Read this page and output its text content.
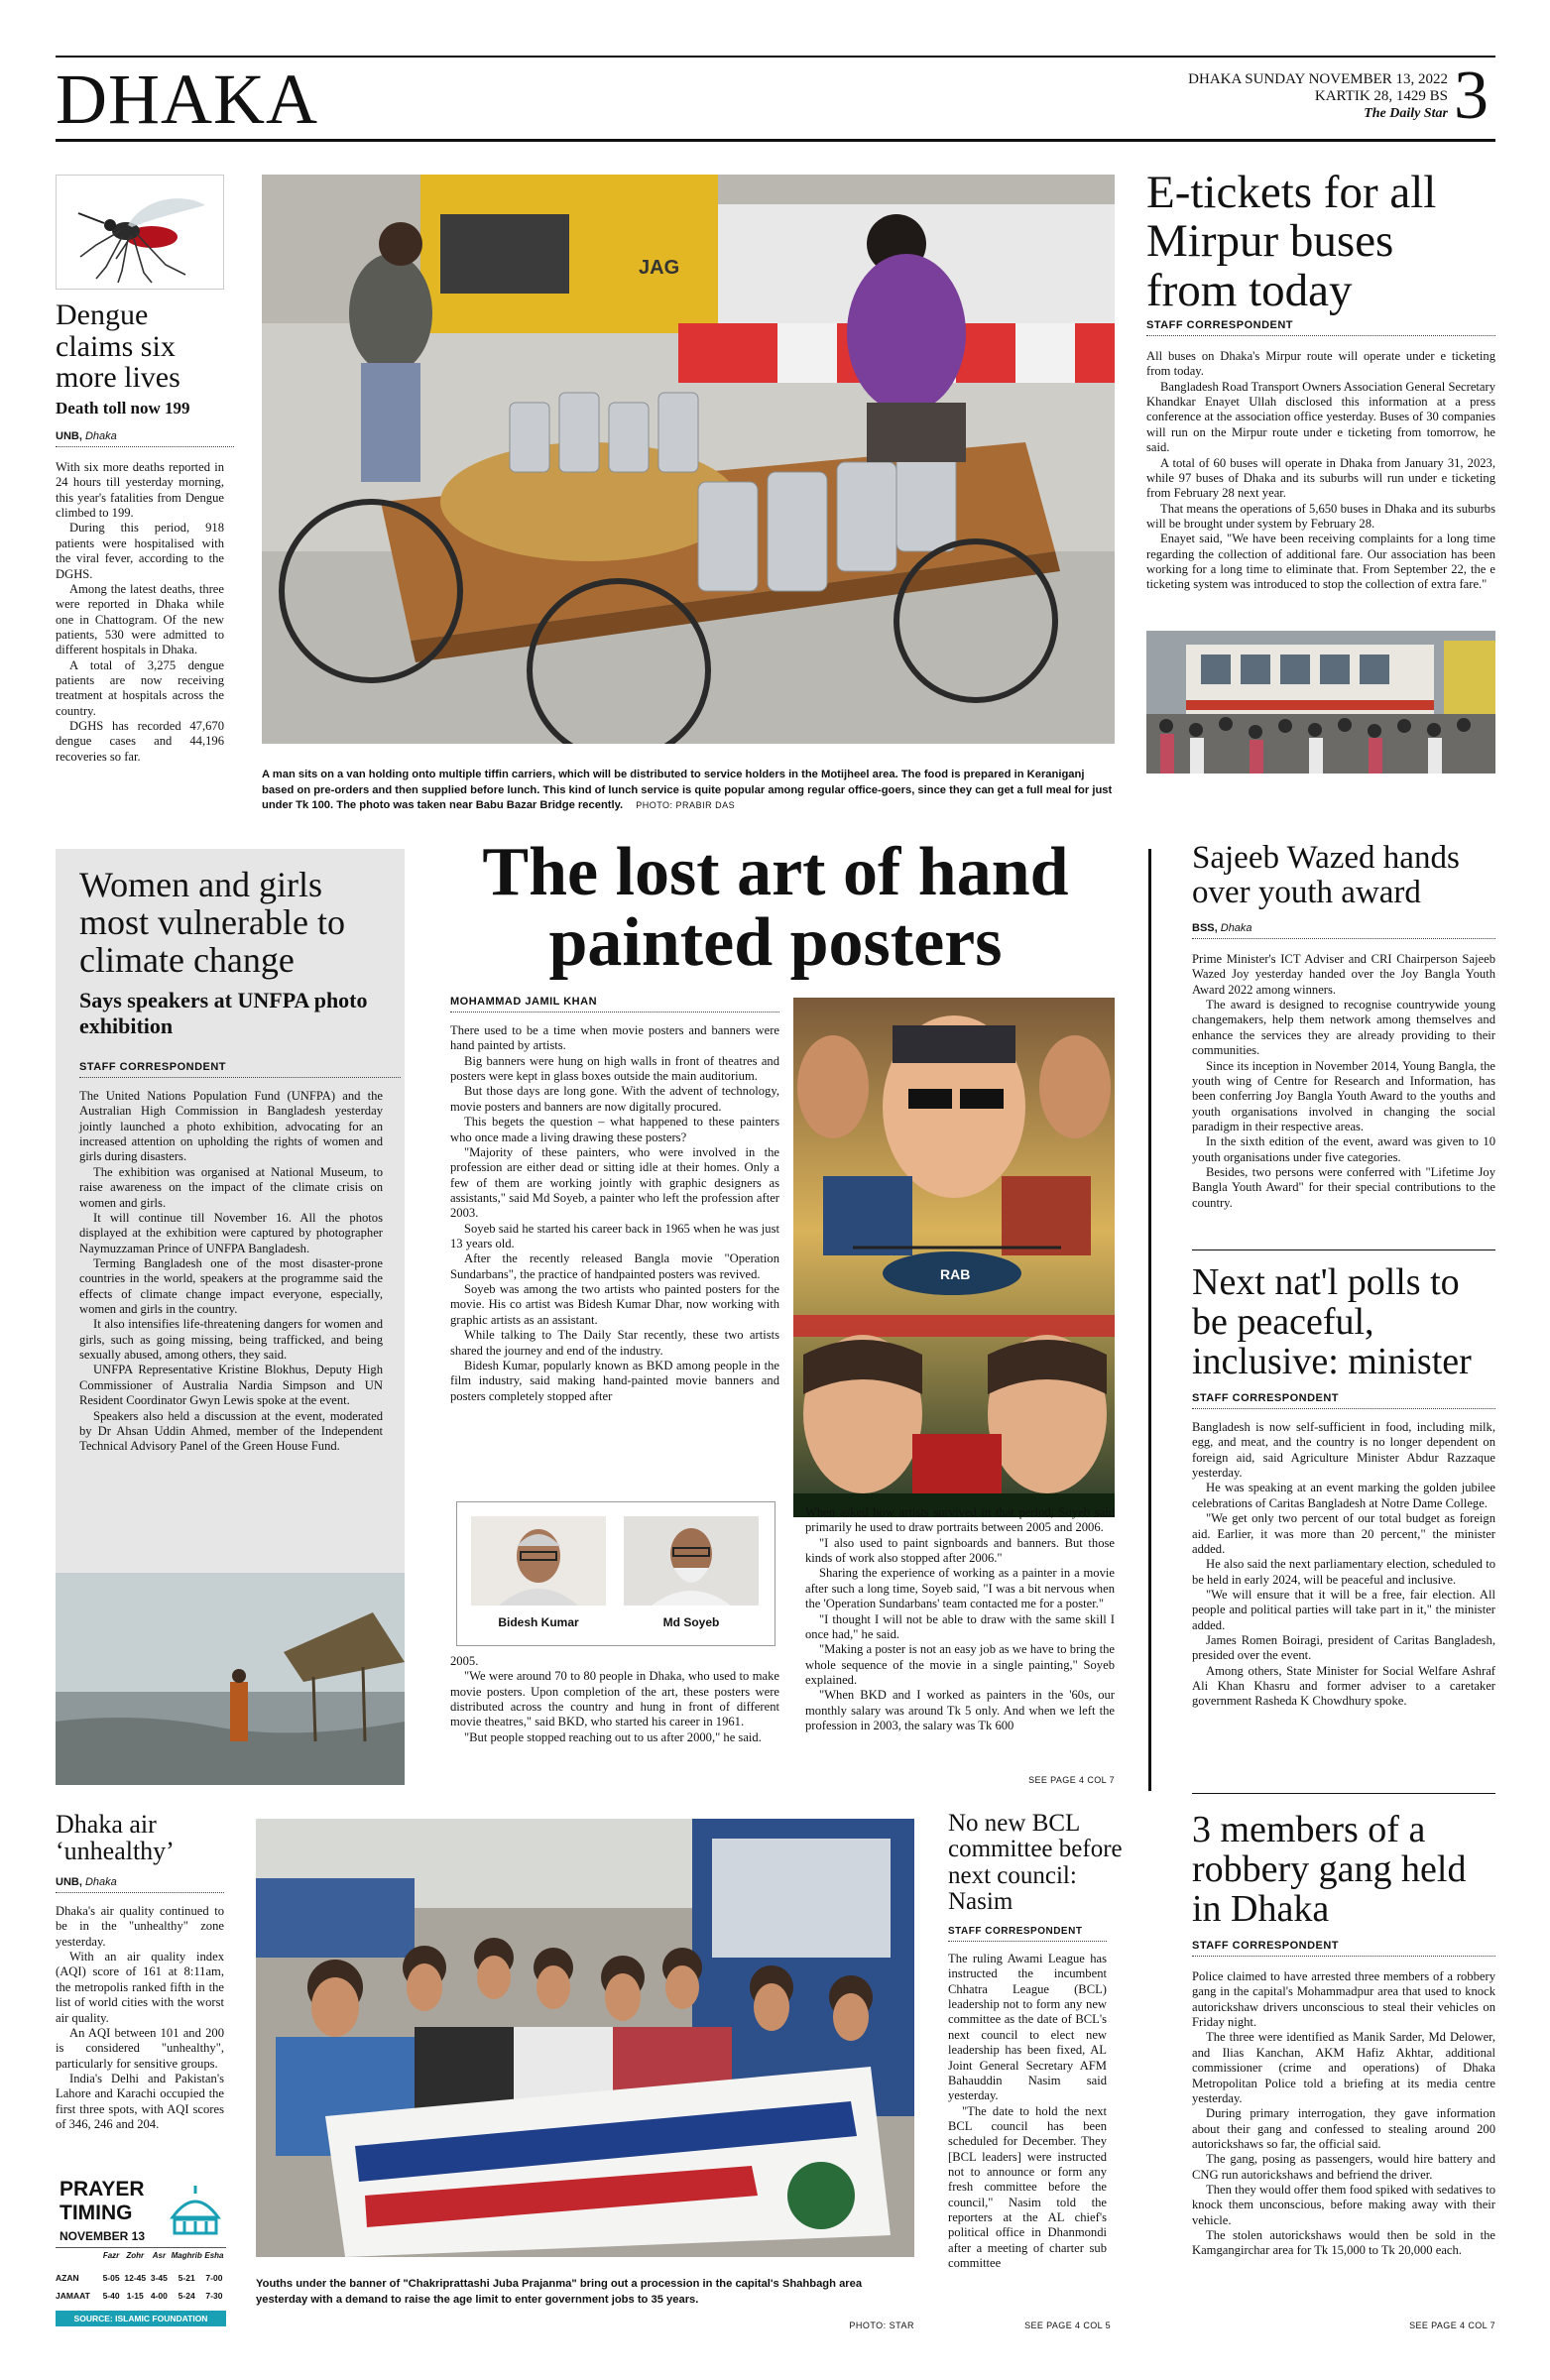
DHAKA	DHAKA SUNDAY NOVEMBER 13, 2022
KARTIK 28, 1429 BS
The Daily Star 3
Dengue claims six more lives
Death toll now 199
UNB, Dhaka

With six more deaths reported in 24 hours till yesterday morning, this year's fatalities from Dengue climbed to 199.

During this period, 918 patients were hospitalised with the viral fever, according to the DGHS.

Among the latest deaths, three were reported in Dhaka while one in Chattogram. Of the new patients, 530 were admitted to different hospitals in Dhaka.

A total of 3,275 dengue patients are now receiving treatment at hospitals across the country.

DGHS has recorded 47,670 dengue cases and 44,196 recoveries so far.

JAG
A man sits on a van holding onto multiple tiffin carriers, which will be distributed to service holders in the Motijheel area. The food is prepared in Keraniganj based on pre-orders and then supplied before lunch. This kind of lunch service is quite popular among regular office-goers, since they can get a full meal for just under Tk 100. The photo was taken near Babu Bazar Bridge recently. PHOTO: PRABIR DAS
E-tickets for all Mirpur buses from today
STAFF CORRESPONDENT

All buses on Dhaka's Mirpur route will operate under e ticketing from today.

Bangladesh Road Transport Owners Association General Secretary Khandkar Enayet Ullah disclosed this information at a press conference at the association office yesterday. Buses of 30 companies will run on the Mirpur route under e ticketing from tomorrow, he said.

A total of 60 buses will operate in Dhaka from January 31, 2023, while 97 buses of Dhaka and its suburbs will run under e ticketing from February 28 next year.

That means the operations of 5,650 buses in Dhaka and its suburbs will be brought under system by February 28.

Enayet said, "We have been receiving complaints for a long time regarding the collection of additional fare. Our association has been working for a long time to eliminate that. From September 22, the e ticketing system was introduced to stop the collection of extra fare."

Women and girls most vulnerable to climate change
Says speakers at UNFPA photo exhibition
STAFF CORRESPONDENT

The United Nations Population Fund (UNFPA) and the Australian High Commission in Bangladesh yesterday jointly launched a photo exhibition, advocating for an increased attention on upholding the rights of women and girls during disasters.

The exhibition was organised at National Museum, to raise awareness on the impact of the climate crisis on women and girls.

It will continue till November 16. All the photos displayed at the exhibition were captured by photographer Naymuzzaman Prince of UNFPA Bangladesh.

Terming Bangladesh one of the most disaster-prone countries in the world, speakers at the programme said the effects of climate change impact everyone, especially, women and girls in the country.

It also intensifies life-threatening dangers for women and girls, such as going missing, being trafficked, and being sexually abused, among others, they said.

UNFPA Representative Kristine Blokhus, Deputy High Commissioner of Australia Nardia Simpson and UN Resident Coordinator Gwyn Lewis spoke at the event.

Speakers also held a discussion at the event, moderated by Dr Ahsan Uddin Ahmed, member of the Independent Technical Advisory Panel of the Green House Fund.

The lost art of hand
painted posters
MOHAMMAD JAMIL KHAN

There used to be a time when movie posters and banners were hand painted by artists.

Big banners were hung on high walls in front of theatres and posters were kept in glass boxes outside the main auditorium.

But those days are long gone. With the advent of technology, movie posters and banners are now digitally procured.

This begets the question – what happened to these painters who once made a living drawing these posters?

"Majority of these painters, who were involved in the profession are either dead or sitting idle at their homes. Only a few of them are working jointly with graphic designers as assistants," said Md Soyeb, a painter who left the profession after 2003.

Soyeb said he started his career back in 1965 when he was just 13 years old.

After the recently released Bangla movie "Operation Sundarbans", the practice of handpainted posters was revived.

Soyeb was among the two artists who painted posters for the movie. His co artist was Bidesh Kumar Dhar, now working with graphic artists as an assistant.

While talking to The Daily Star recently, these two artists shared the journey and end of the industry.

Bidesh Kumar, popularly known as BKD among people in the film industry, said making hand-painted movie banners and posters completely stopped after

RAB
Bidesh Kumar	Md Soyeb

2005.

"We were around 70 to 80 people in Dhaka, who used to make movie posters. Upon completion of the art, these posters were distributed across the country and hung in front of different movie theatres," said BKD, who started his career in 1961.

"But people stopped reaching out to us after 2000," he said.

When asked how artists survived in that period, Soyeb said primarily he used to draw portraits between 2005 and 2006.

"I also used to paint signboards and banners. But those kinds of work also stopped after 2006."

Sharing the experience of working as a painter in a movie after such a long time, Soyeb said, "I was a bit nervous when the 'Operation Sundarbans' team contacted me for a poster."

"I thought I will not be able to draw with the same skill I once had," he said.

"Making a poster is not an easy job as we have to bring the whole sequence of the movie in a single painting," Soyeb explained.

"When BKD and I worked as painters in the '60s, our monthly salary was around Tk 5 only. And when we left the profession in 2003, the salary was Tk 600

SEE PAGE 4 COL 7
Sajeeb Wazed hands over youth award
BSS, Dhaka

Prime Minister's ICT Adviser and CRI Chairperson Sajeeb Wazed Joy yesterday handed over the Joy Bangla Youth Award 2022 among winners.

The award is designed to recognise countrywide young changemakers, help them network among themselves and enhance the services they are already providing to their communities.

Since its inception in November 2014, Young Bangla, the youth wing of Centre for Research and Information, has been conferring Joy Bangla Youth Award to the youths and youth organisations involved in changing the social paradigm in their respective areas.

In the sixth edition of the event, award was given to 10 youth organisations under five categories.

Besides, two persons were conferred with "Lifetime Joy Bangla Youth Award" for their special contributions to the country.

Next nat'l polls to be peaceful, inclusive: minister
STAFF CORRESPONDENT

Bangladesh is now self-sufficient in food, including milk, egg, and meat, and the country is no longer dependent on foreign aid, said Agriculture Minister Abdur Razzaque yesterday.

He was speaking at an event marking the golden jubilee celebrations of Caritas Bangladesh at Notre Dame College.

"We get only two percent of our total budget as foreign aid. Earlier, it was more than 20 percent," the minister added.

He also said the next parliamentary election, scheduled to be held in early 2024, will be peaceful and inclusive.

"We will ensure that it will be a free, fair election. All people and political parties will take part in it," the minister added.

James Romen Boiragi, president of Caritas Bangladesh, presided over the event.

Among others, State Minister for Social Welfare Ashraf Ali Khan Khasru and former adviser to a caretaker government Rasheda K Chowdhury spoke.

Dhaka air ‘unhealthy’
UNB, Dhaka

Dhaka's air quality continued to be in the "unhealthy" zone yesterday.

With an air quality index (AQI) score of 161 at 8:11am, the metropolis ranked fifth in the list of world cities with the worst air quality.

An AQI between 101 and 200 is considered "unhealthy", particularly for sensitive groups.

India's Delhi and Pakistan's Lahore and Karachi occupied the first three spots, with AQI scores of 346, 246 and 204.

PRAYER
TIMING
NOVEMBER 13
Fazr Zohr	Asr Maghrib Esha
AZAN	5-05 12-45 3-45	5-21	7-00
JAMAAT	5-40 1-15 4-00	5-24	7-30
SOURCE: ISLAMIC FOUNDATION
Youths under the banner of "Chakriprattashi Juba Prajanma" bring out a procession in the capital's Shahbagh area yesterday with a demand to raise the age limit to enter government jobs to 35 years.
PHOTO: STAR
No new BCL committee before next council: Nasim
STAFF CORRESPONDENT

The ruling Awami League has instructed the incumbent Chhatra League (BCL) leadership not to form any new committee as the date of BCL's next council to elect new leadership has been fixed, AL Joint General Secretary AFM Bahauddin Nasim said yesterday.

"The date to hold the next BCL council has been scheduled for December. They [BCL leaders] were instructed not to announce or form any fresh committee before the council," Nasim told the reporters at the AL chief's political office in Dhanmondi after a meeting of charter sub committee

SEE PAGE 4 COL 5
3 members of a robbery gang held in Dhaka
STAFF CORRESPONDENT

Police claimed to have arrested three members of a robbery gang in the capital's Mohammadpur area that used to knock autorickshaw drivers unconscious to steal their vehicles on Friday night.

The three were identified as Manik Sarder, Md Delower, and Ilias Kanchan, AKM Hafiz Akhtar, additional commissioner (crime and operations) of Dhaka Metropolitan Police told a briefing at its media centre yesterday.

During primary interrogation, they gave information about their gang and confessed to stealing around 200 autorickshaws so far, the official said.

The gang, posing as passengers, would hire battery and CNG run autorickshaws and befriend the driver.

Then they would offer them food spiked with sedatives to knock them unconscious, before making away with their vehicle.

The stolen autorickshaws would then be sold in the Kamgangirchar area for Tk 15,000 to Tk 20,000 each.

SEE PAGE 4 COL 7
